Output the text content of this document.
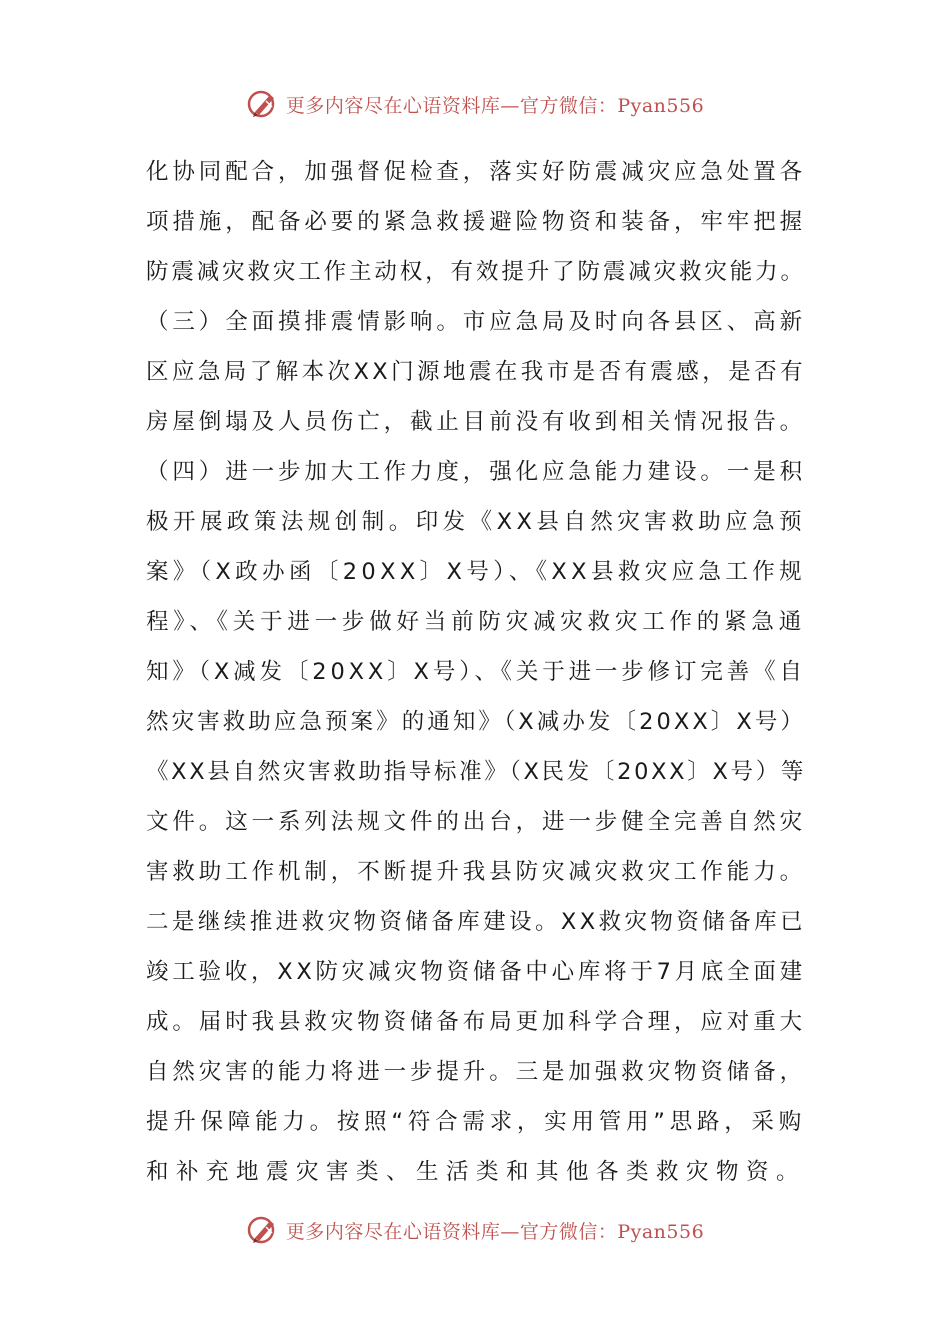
更多内容尽在心语资料库—官方微信：Pyan556
化协同配合，加强督促检查，落实好防震减灾应急处置各
项措施，配备必要的紧急救援避险物资和装备，牢牢把握
防震减灾救灾工作主动权，有效提升了防震减灾救灾能力。
（三）全面摸排震情影响。市应急局及时向各县区、高新
区应急局了解本次XX门源地震在我市是否有震感，是否有
房屋倒塌及人员伤亡，截止目前没有收到相关情况报告。
（四）进一步加大工作力度，强化应急能力建设。一是积
极开展政策法规创制。印发《XX县自然灾害救助应急预
案》（X政办函〔20XX〕X号）、《XX县救灾应急工作规
程》、《关于进一步做好当前防灾减灾救灾工作的紧急通
知》（X减发〔20XX〕X号）、《关于进一步修订完善《自
然灾害救助应急预案》的通知》（X减办发〔20XX〕X号）
《XX县自然灾害救助指导标准》（X民发〔20XX〕X号）等
文件。这一系列法规文件的出台，进一步健全完善自然灾
害救助工作机制，不断提升我县防灾减灾救灾工作能力。
二是继续推进救灾物资储备库建设。XX救灾物资储备库已
竣工验收，XX防灾减灾物资储备中心库将于7月底全面建
成。届时我县救灾物资储备布局更加科学合理，应对重大
自然灾害的能力将进一步提升。三是加强救灾物资储备，
提升保障能力。按照“符合需求，实用管用”思路，采购
和补充地震灾害类、生活类和其他各类救灾物资。
更多内容尽在心语资料库—官方微信：Pyan556
